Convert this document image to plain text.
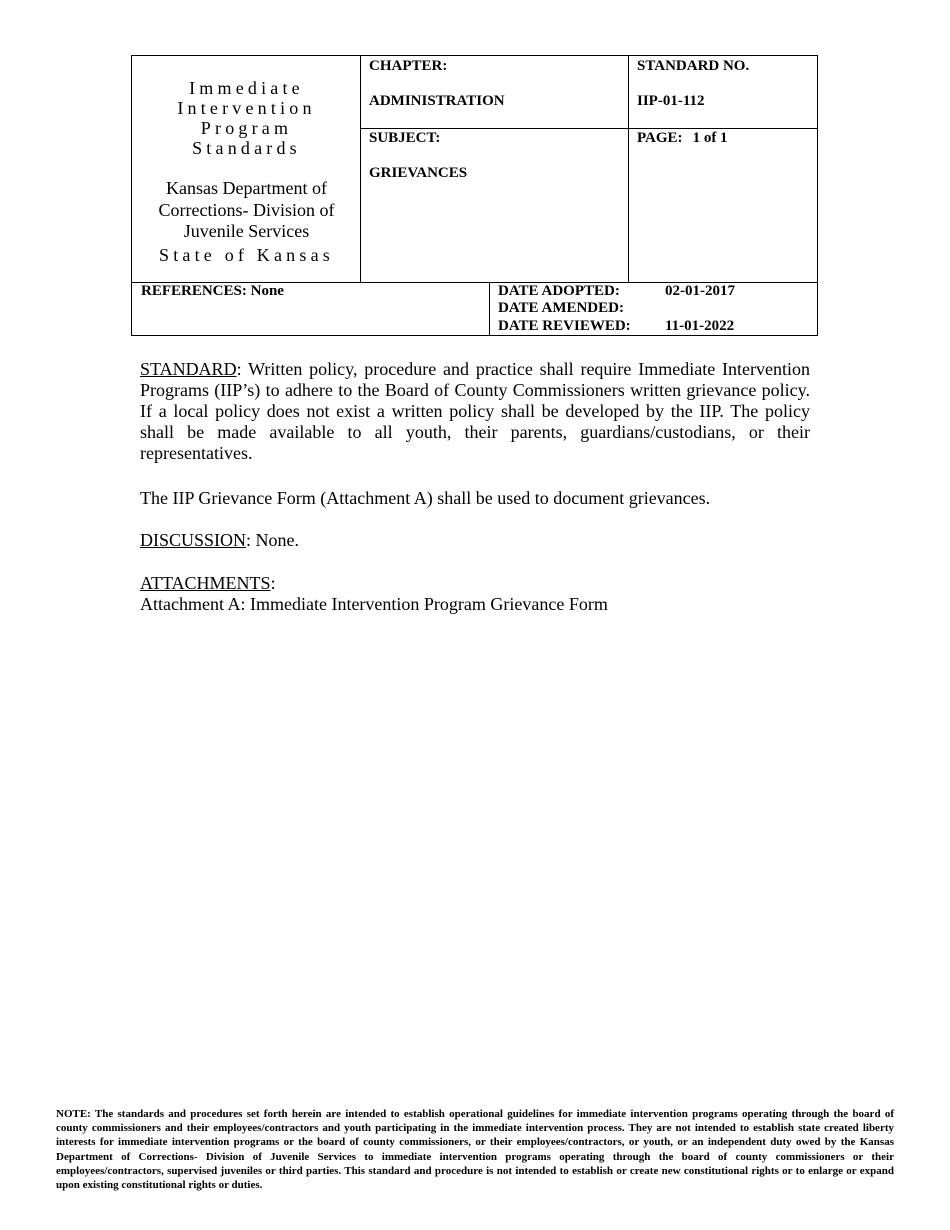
Immediate
Intervention
Program
Standards
Kansas Department of
Corrections- Division of
Juvenile Services
State of Kansas
CHAPTER:
ADMINISTRATION
STANDARD NO.
IIP-01-112
SUBJECT:
GRIEVANCES
PAGE: 1 of 1
REFERENCES: None	DATE ADOPTED:	02-01-2017
DATE AMENDED:
DATE REVIEWED: 11-01-2022
STANDARD: Written policy, procedure and practice shall require Immediate Intervention Programs (IIP’s) to adhere to the Board of County Commissioners written grievance policy. If a local policy does not exist a written policy shall be developed by the IIP. The policy shall be made available to all youth, their parents, guardians/custodians, or their representatives.
The IIP Grievance Form (Attachment A) shall be used to document grievances.
DISCUSSION: None.
ATTACHMENTS:
Attachment A: Immediate Intervention Program Grievance Form
NOTE: The standards and procedures set forth herein are intended to establish operational guidelines for immediate intervention programs operating through the board of county commissioners and their employees/contractors and youth participating in the immediate intervention process. They are not intended to establish state created liberty interests for immediate intervention programs or the board of county commissioners, or their employees/contractors, or youth, or an independent duty owed by the Kansas Department of Corrections- Division of Juvenile Services to immediate intervention programs operating through the board of county commissioners or their employees/contractors, supervised juveniles or third parties. This standard and procedure is not intended to establish or create new constitutional rights or to enlarge or expand upon existing constitutional rights or duties.
